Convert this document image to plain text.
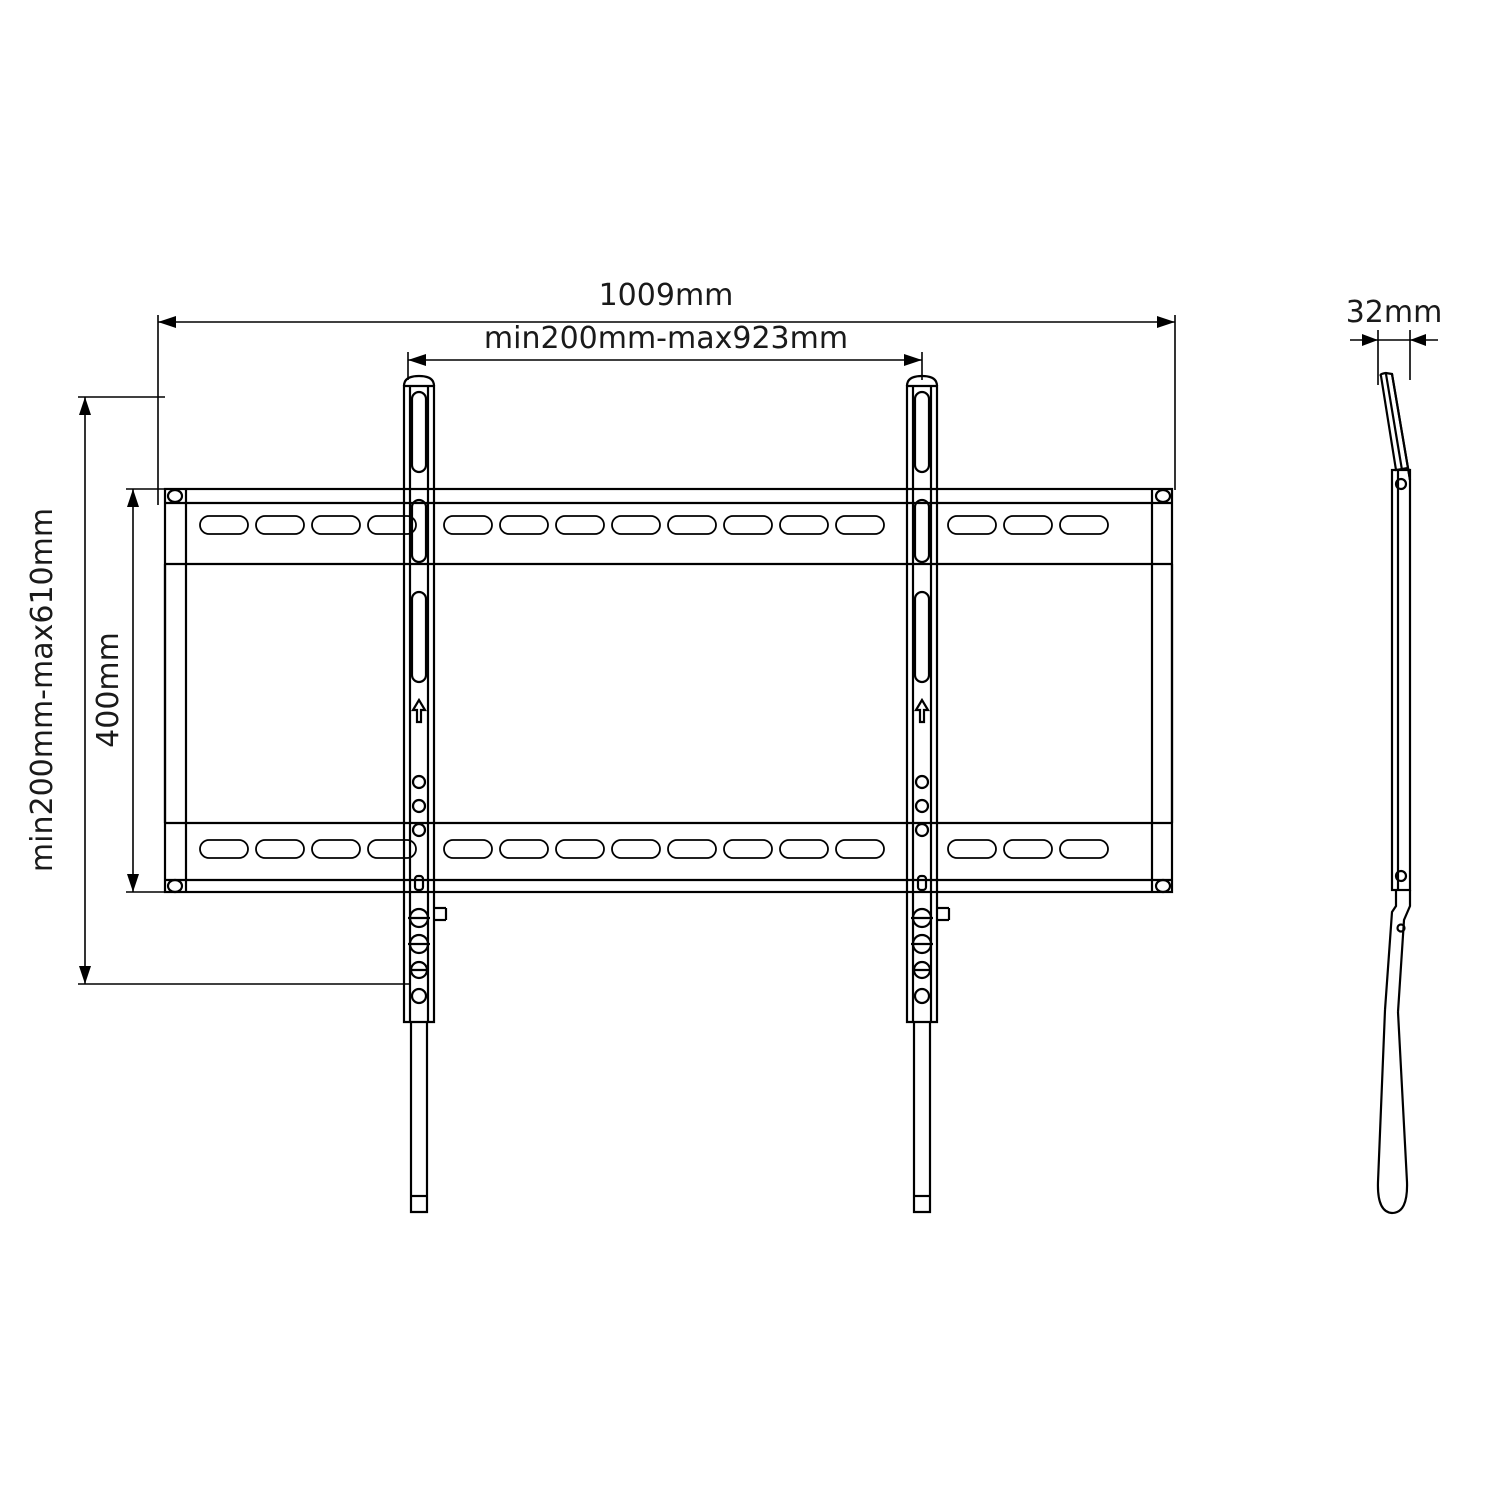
1009mm
min200mm-max923mm
min200mm-max610mm 400mm
32mm
